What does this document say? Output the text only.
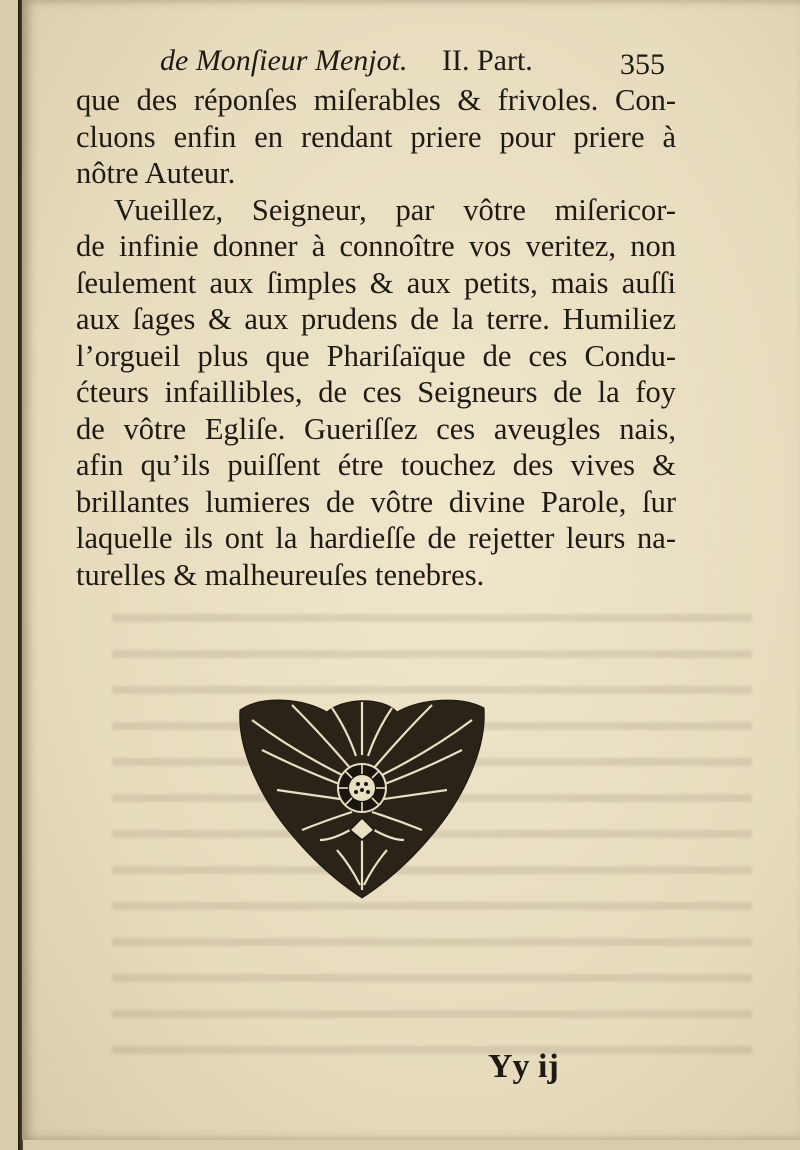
de Monſieur Menjot. II. Part.	355
que des réponſes miſerables & frivoles. Con-
cluons enfin en rendant priere pour priere à
nôtre Auteur.
Vueillez, Seigneur, par vôtre miſericor-
de infinie donner à connoître vos veritez, non
ſeulement aux ſimples & aux petits, mais auſſi
aux ſages & aux prudens de la terre. Humiliez
l’orgueil plus que Phariſaïque de ces Condu-
ćteurs infaillibles, de ces Seigneurs de la foy
de vôtre Egliſe. Gueriſſez ces aveugles nais,
afin qu’ils puiſſent étre touchez des vives &
brillantes lumieres de vôtre divine Parole, ſur
laquelle ils ont la hardieſſe de rejetter leurs na-
turelles & malheureuſes tenebres.
Yy ij
